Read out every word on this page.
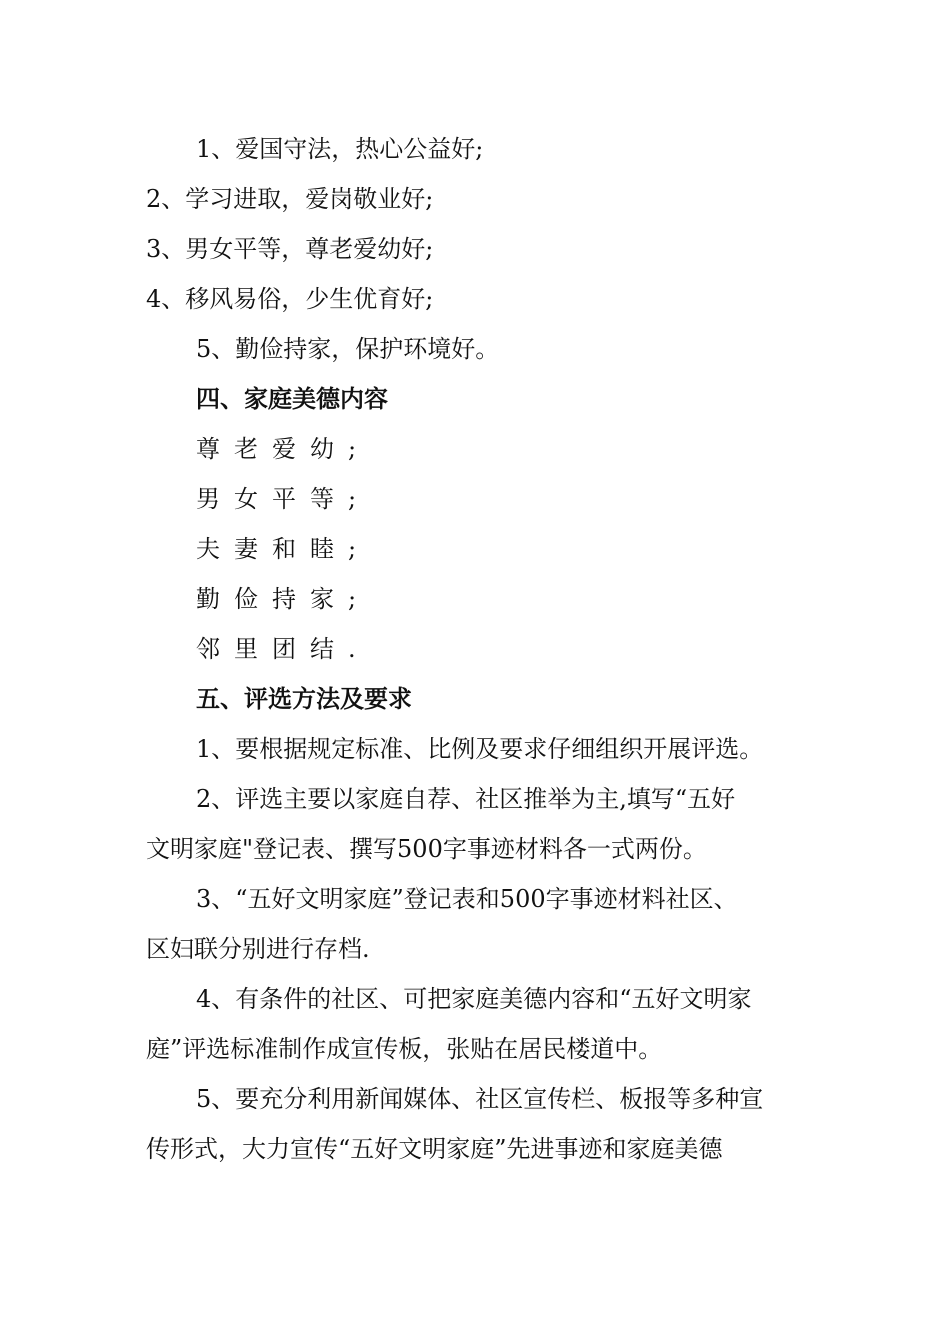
1、爱国守法，热心公益好;
2、学习进取，爱岗敬业好;
3、男女平等，尊老爱幼好;
4、移风易俗，少生优育好;
5、勤俭持家，保护环境好。
四、家庭美德内容
尊老爱幼;
男女平等;
夫妻和睦;
勤俭持家;
邻里团结.
五、评选方法及要求
1、要根据规定标准、比例及要求仔细组织开展评选。
2、评选主要以家庭自荐、社区推举为主,填写“五好
文明家庭"登记表、撰写500字事迹材料各一式两份。
3、“五好文明家庭”登记表和500字事迹材料社区、
区妇联分别进行存档.
4、有条件的社区、可把家庭美德内容和“五好文明家
庭”评选标准制作成宣传板，张贴在居民楼道中。
5、要充分利用新闻媒体、社区宣传栏、板报等多种宣
传形式，大力宣传“五好文明家庭”先进事迹和家庭美德
